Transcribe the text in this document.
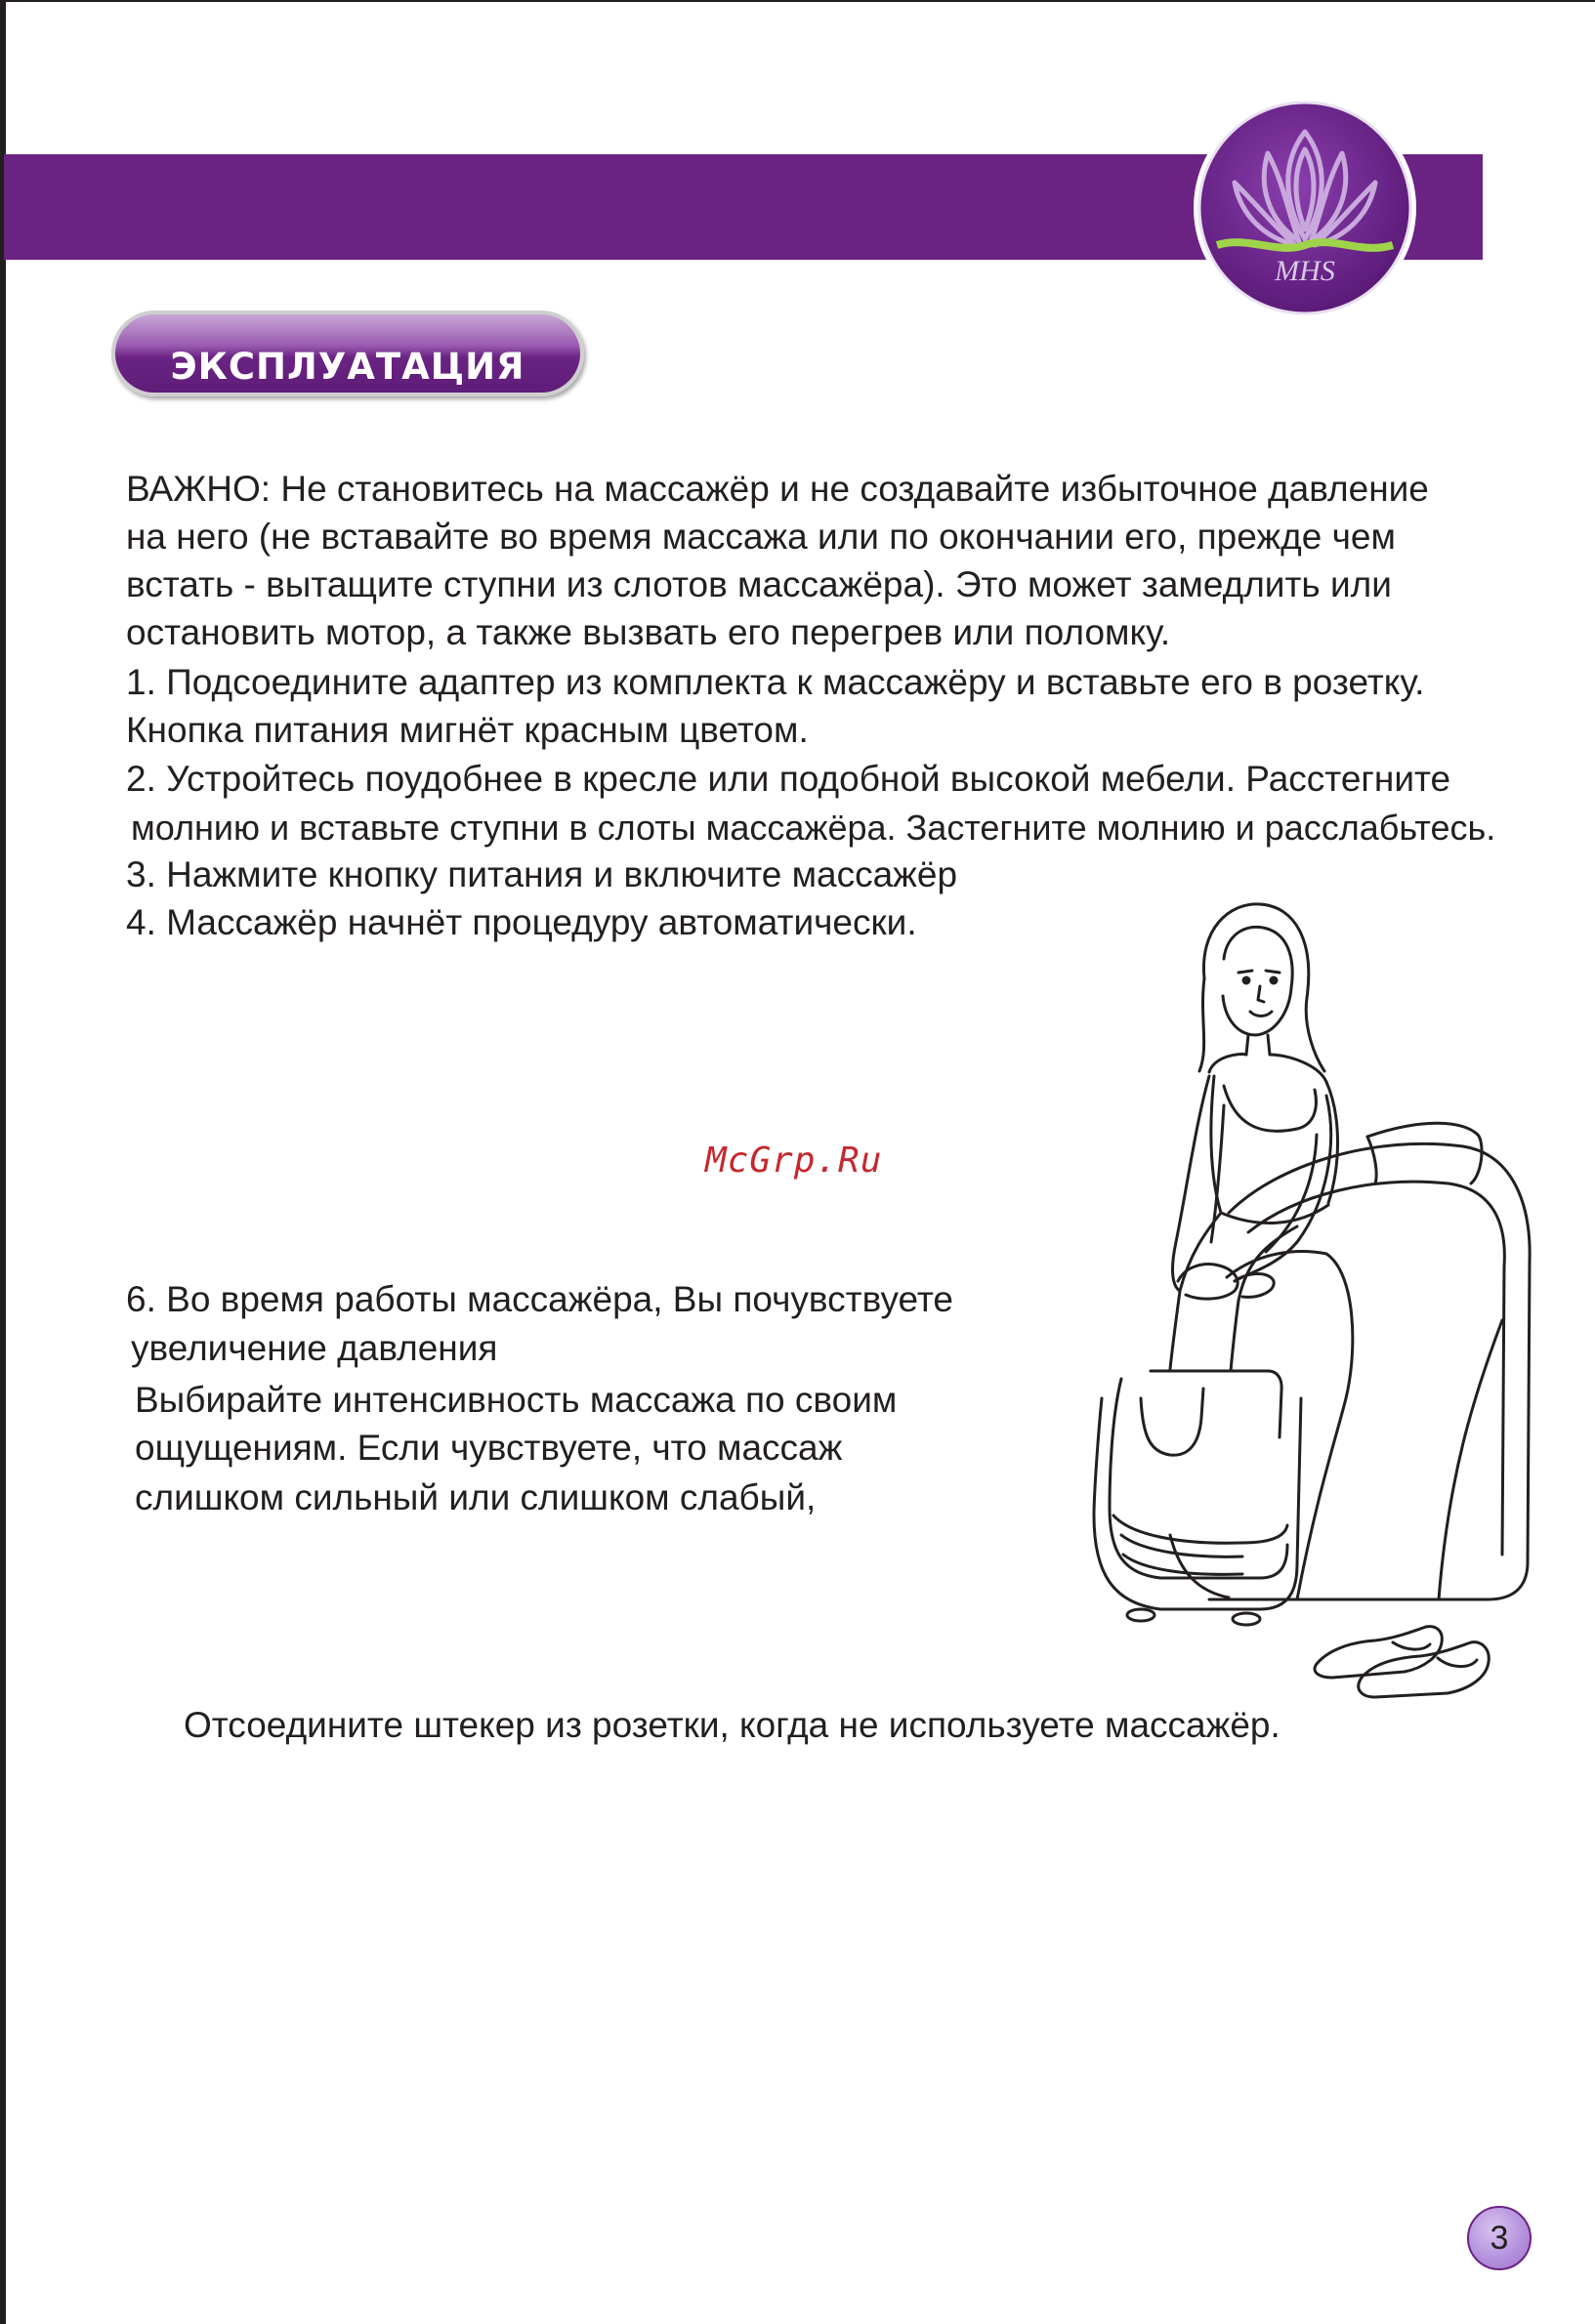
MHS
ЭКСПЛУАТАЦИЯ
ВАЖНО: Не становитесь на массажёр и не создавайте избыточное давление
на него (не вставайте во время массажа или по окончании его, прежде чем
встать - вытащите ступни из слотов массажёра). Это может замедлить или
остановить мотор, а также вызвать его перегрев или поломку.
1. Подсоедините адаптер из комплекта к массажёру и вставьте его в розетку.
Кнопка питания мигнёт красным цветом.
2. Устройтесь поудобнее в кресле или подобной высокой мебели. Расстегните
молнию и вставьте ступни в слоты массажёра. Застегните молнию и расслабьтесь.
3. Нажмите кнопку питания и включите массажёр
4. Массажёр начнёт процедуру автоматически.
McGrp.Ru
6. Во время работы массажёра, Вы почувствуете
увеличение давления
Выбирайте интенсивность массажа по своим
ощущениям. Если чувствуете, что массаж
слишком сильный или слишком слабый,
Отсоедините штекер из розетки, когда не используете массажёр.
3
